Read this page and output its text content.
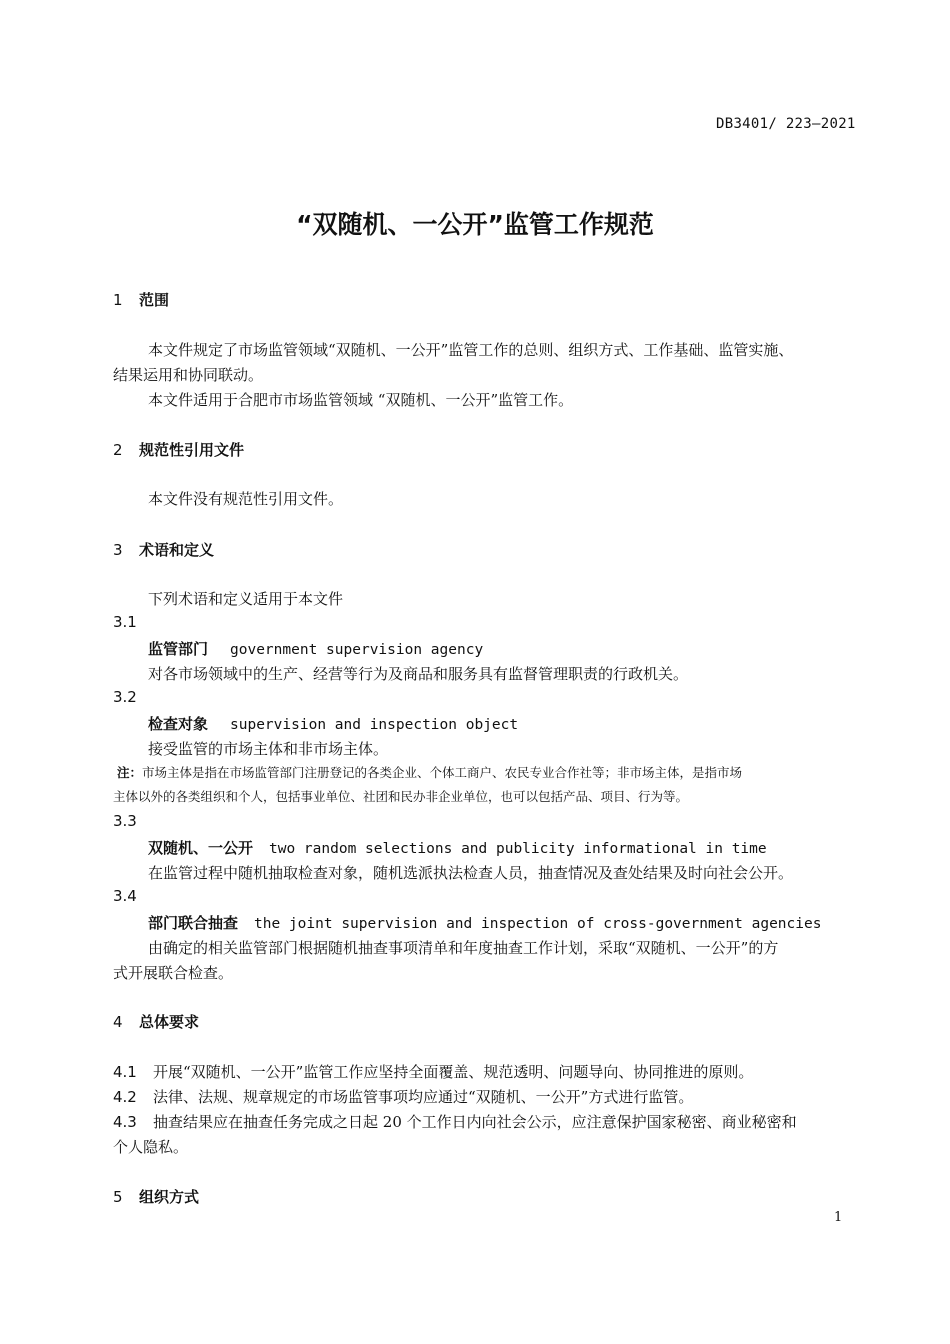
DB3401/ 223—2021
“双随机、一公开”监管工作规范
1 范围
本文件规定了市场监管领域“双随机、一公开”监管工作的总则、组织方式、工作基础、监管实施、
结果运用和协同联动。
本文件适用于合肥市市场监管领域 “双随机、一公开”监管工作。
2 规范性引用文件
本文件没有规范性引用文件。
3 术语和定义
下列术语和定义适用于本文件
3.1
监管部门 government supervision agency
对各市场领域中的生产、经营等行为及商品和服务具有监督管理职责的行政机关。
3.2
检查对象 supervision and inspection object
接受监管的市场主体和非市场主体。
注：市场主体是指在市场监管部门注册登记的各类企业、个体工商户、农民专业合作社等；非市场主体，是指市场
主体以外的各类组织和个人，包括事业单位、社团和民办非企业单位，也可以包括产品、项目、行为等。
3.3
双随机、一公开 two random selections and publicity informational in time
在监管过程中随机抽取检查对象，随机选派执法检查人员，抽查情况及查处结果及时向社会公开。
3.4
部门联合抽查 the joint supervision and inspection of cross-government agencies
由确定的相关监管部门根据随机抽查事项清单和年度抽查工作计划，采取“双随机、一公开”的方
式开展联合检查。
4 总体要求
4.1 开展“双随机、一公开”监管工作应坚持全面覆盖、规范透明、问题导向、协同推进的原则。
4.2 法律、法规、规章规定的市场监管事项均应通过“双随机、一公开”方式进行监管。
4.3 抽查结果应在抽查任务完成之日起 20 个工作日内向社会公示，应注意保护国家秘密、商业秘密和
个人隐私。
5 组织方式
1
